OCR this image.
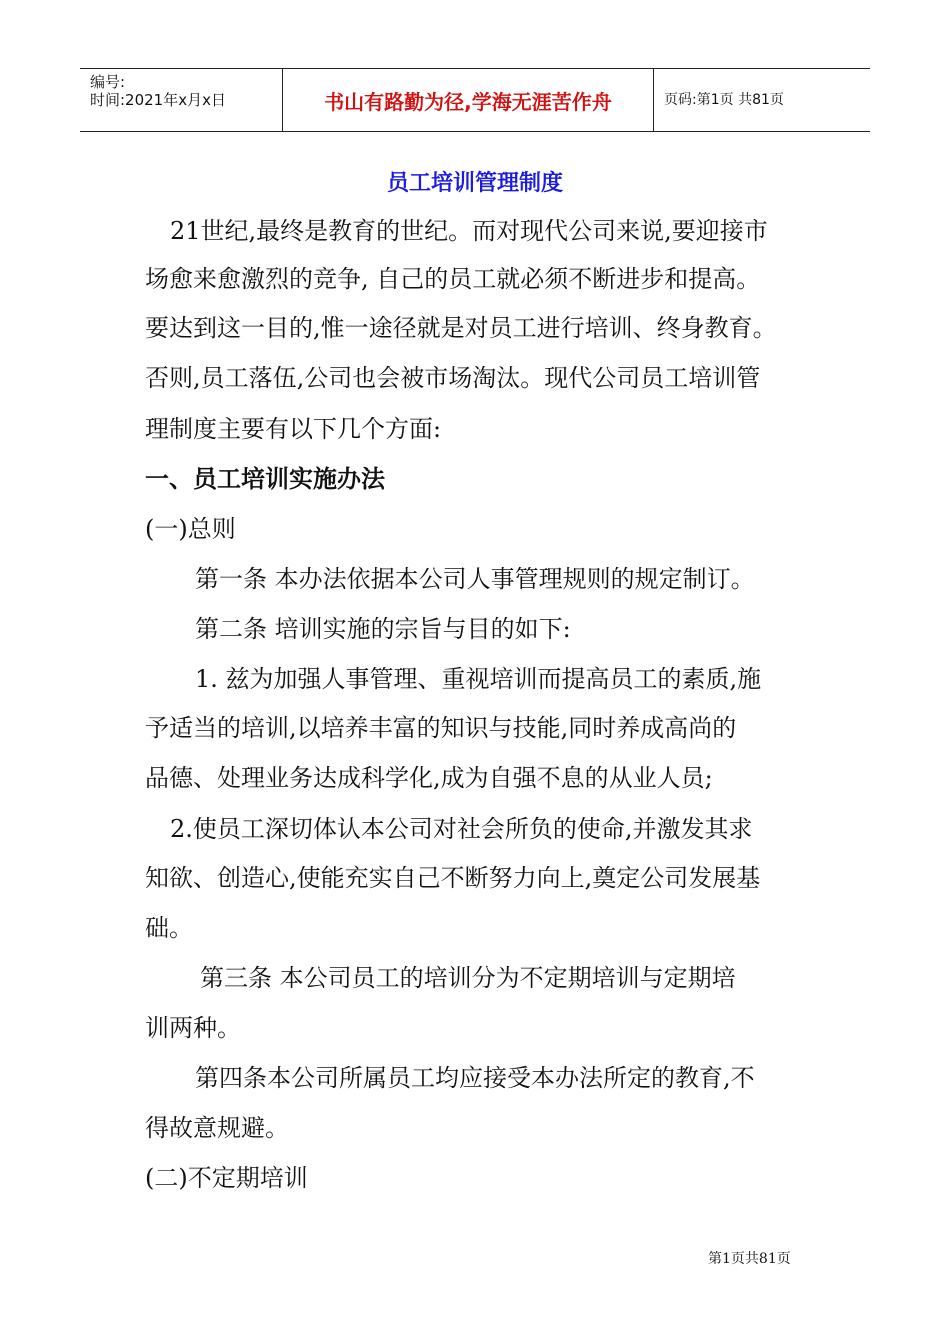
编号:
时间:2021年x月x日	书山有路勤为径,学海无涯苦作舟	页码:第1页 共81页
员工培训管理制度
21世纪,最终是教育的世纪。而对现代公司来说,要迎接市
场愈来愈激烈的竞争, 自己的员工就必须不断进步和提高。
要达到这一目的,惟一途径就是对员工进行培训、终身教育。
否则,员工落伍,公司也会被市场淘汰。现代公司员工培训管
理制度主要有以下几个方面:
一、员工培训实施办法
(一)总则
第一条 本办法依据本公司人事管理规则的规定制订。
第二条 培训实施的宗旨与目的如下:
1. 兹为加强人事管理、重视培训而提高员工的素质,施
予适当的培训,以培养丰富的知识与技能,同时养成高尚的
品德、处理业务达成科学化,成为自强不息的从业人员;
2.使员工深切体认本公司对社会所负的使命,并激发其求
知欲、创造心,使能充实自己不断努力向上,奠定公司发展基
础。
第三条 本公司员工的培训分为不定期培训与定期培
训两种。
第四条本公司所属员工均应接受本办法所定的教育,不
得故意规避。
(二)不定期培训
第1页共81页
